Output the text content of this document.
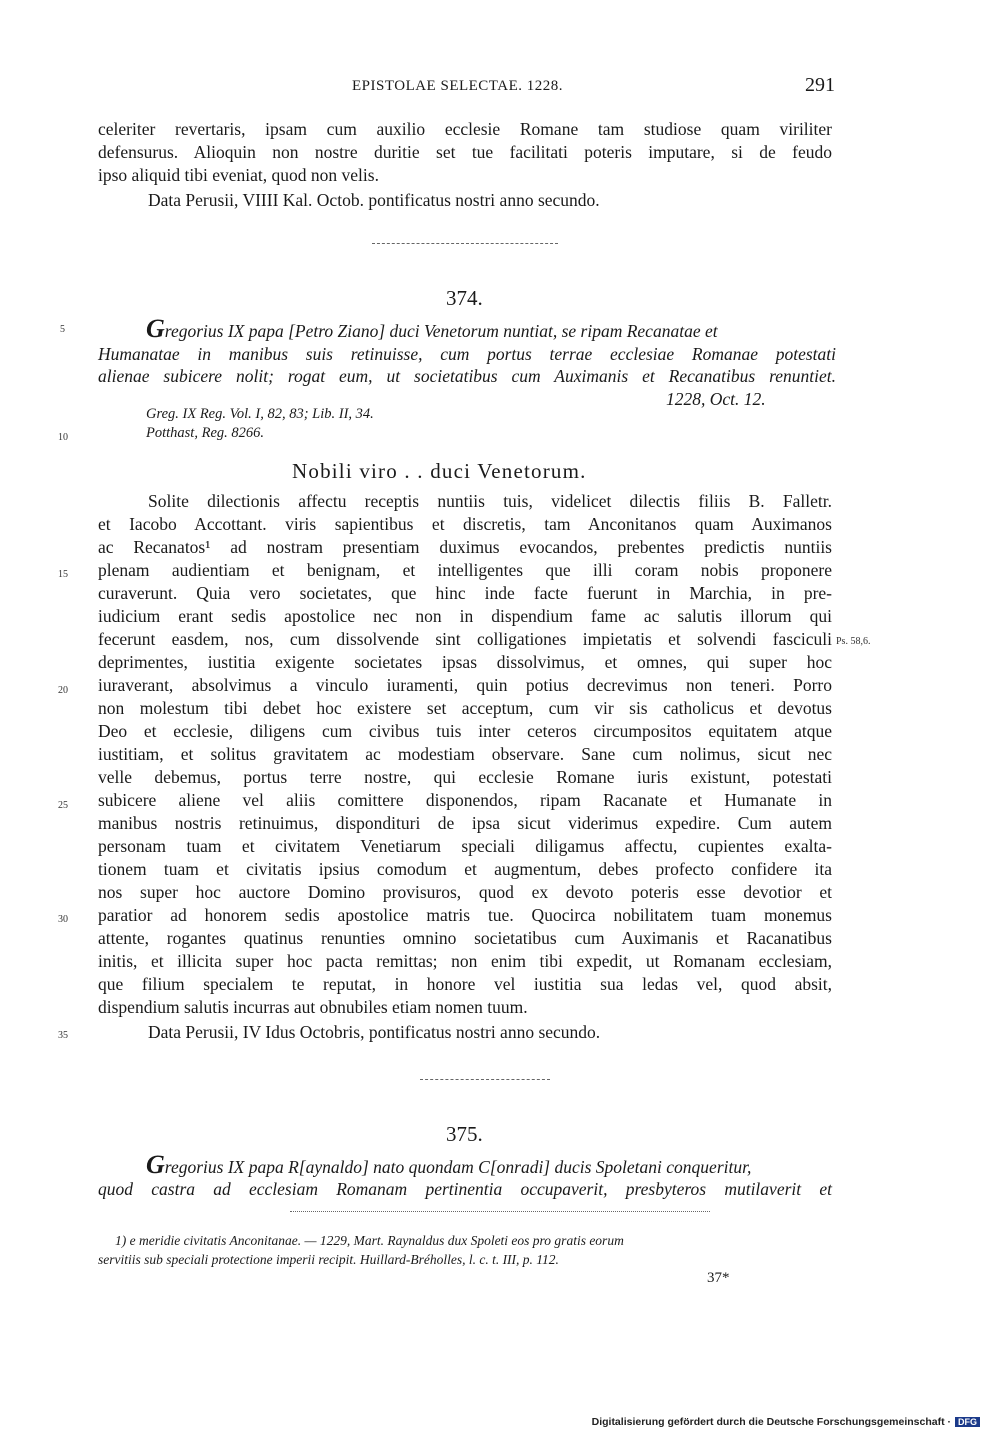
EPISTOLAE SELECTAE. 1228.	291
celeriter revertaris, ipsam cum auxilio ecclesie Romane tam studiose quam viriliter
defensurus. Alioquin non nostre duritie set tue facilitati poteris imputare, si de feudo
ipso aliquid tibi eveniat, quod non velis.
Data Perusii, VIIII Kal. Octob. pontificatus nostri anno secundo.
374.
Gregorius IX papa [Petro Ziano] duci Venetorum nuntiat, se ripam Recanatae et
Humanatae in manibus suis retinuisse, cum portus terrae ecclesiae Romanae potestati
alienae subicere nolit; rogat eum, ut societatibus cum Auximanis et Recanatibus renuntiet.
1228, Oct. 12.
Greg. IX Reg. Vol. I, 82, 83; Lib. II, 34.
Potthast, Reg. 8266.
Nobili viro . . duci Venetorum.
Solite dilectionis affectu receptis nuntiis tuis, videlicet dilectis filiis B. Falletr.
et Iacobo Accottant. viris sapientibus et discretis, tam Anconitanos quam Auximanos
ac Recanatos¹ ad nostram presentiam duximus evocandos, prebentes predictis nuntiis
plenam audientiam et benignam, et intelligentes que illi coram nobis proponere
curaverunt. Quia vero societates, que hinc inde facte fuerunt in Marchia, in pre-
iudicium erant sedis apostolice nec non in dispendium fame ac salutis illorum qui
fecerunt easdem, nos, cum dissolvende sint colligationes impietatis et solvendi fasciculi
deprimentes, iustitia exigente societates ipsas dissolvimus, et omnes, qui super hoc
iuraverant, absolvimus a vinculo iuramenti, quin potius decrevimus non teneri. Porro
non molestum tibi debet hoc existere set acceptum, cum vir sis catholicus et devotus
Deo et ecclesie, diligens cum civibus tuis inter ceteros circumpositos equitatem atque
iustitiam, et solitus gravitatem ac modestiam observare. Sane cum nolimus, sicut nec
velle debemus, portus terre nostre, qui ecclesie Romane iuris existunt, potestati
subicere aliene vel aliis comittere disponendos, ripam Racanate et Humanate in
manibus nostris retinuimus, dispondituri de ipsa sicut viderimus expedire. Cum autem
personam tuam et civitatem Venetiarum speciali diligamus affectu, cupientes exalta-
tionem tuam et civitatis ipsius comodum et augmentum, debes profecto confidere ita
nos super hoc auctore Domino provisuros, quod ex devoto poteris esse devotior et
paratior ad honorem sedis apostolice matris tue. Quocirca nobilitatem tuam monemus
attente, rogantes quatinus renunties omnino societatibus cum Auximanis et Racanatibus
initis, et illicita super hoc pacta remittas; non enim tibi expedit, ut Romanam ecclesiam,
que filium specialem te reputat, in honore vel iustitia sua ledas vel, quod absit,
dispendium salutis incurras aut obnubiles etiam nomen tuum.
Data Perusii, IV Idus Octobris, pontificatus nostri anno secundo.
Ps. 58,6.
5
10
15
20
25
30
35
375.
Gregorius IX papa R[aynaldo] nato quondam C[onradi] ducis Spoletani conqueritur,
quod castra ad ecclesiam Romanam pertinentia occupaverit, presbyteros mutilaverit et
1) e meridie civitatis Anconitanae. — 1229, Mart. Raynaldus dux Spoleti eos pro gratis eorum
servitiis sub speciali protectione imperii recipit. Huillard-Bréholles, l. c. t. III, p. 112.
37*
Digitalisierung gefördert durch die Deutsche Forschungsgemeinschaft · DFG
